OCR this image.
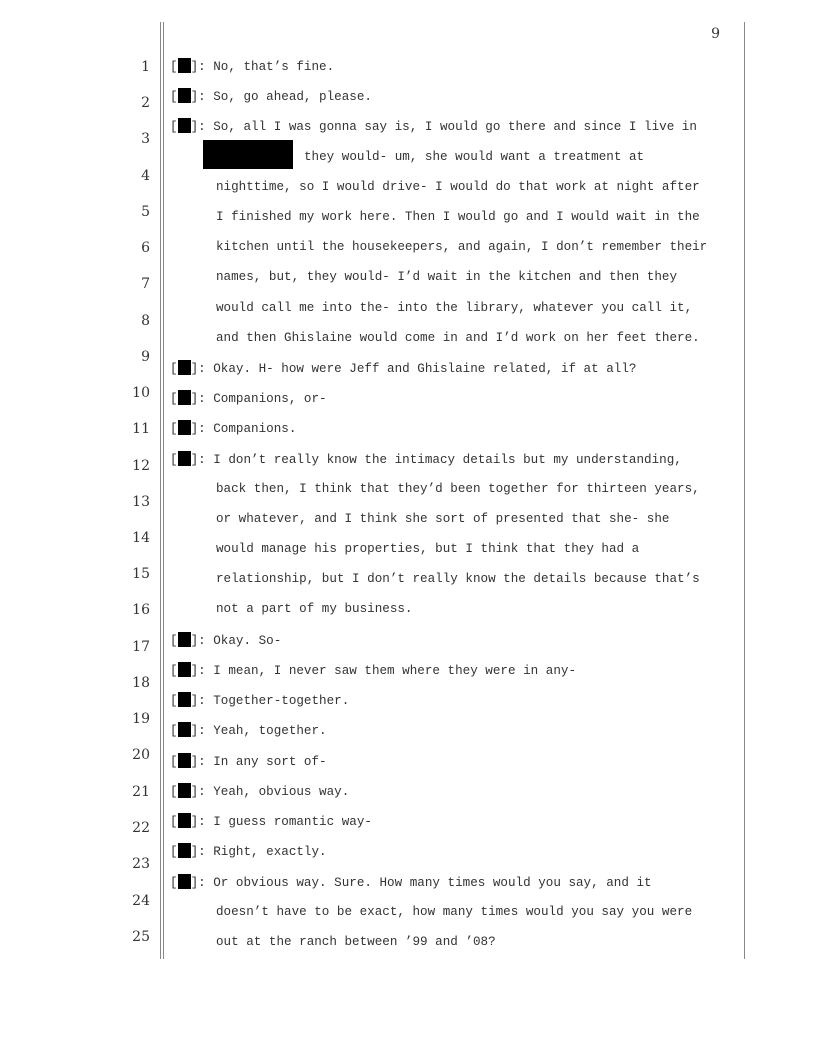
9
1
2
3
4
5
6
7
8
9
10
11
12
13
14
15
16
17
18
19
20
21
22
23
24
25
[ ]: No, that’s fine.
[ ]: So, go ahead, please.
[ ]: So, all I was gonna say is, I would go there and since I live in
they would- um, she would want a treatment at
nighttime, so I would drive- I would do that work at night after
I finished my work here. Then I would go and I would wait in the
kitchen until the housekeepers, and again, I don’t remember their
names, but, they would- I’d wait in the kitchen and then they
would call me into the- into the library, whatever you call it,
and then Ghislaine would come in and I’d work on her feet there.
[ ]: Okay. H- how were Jeff and Ghislaine related, if at all?
[ ]: Companions, or-
[ ]: Companions.
[ ]: I don’t really know the intimacy details but my understanding,
back then, I think that they’d been together for thirteen years,
or whatever, and I think she sort of presented that she- she
would manage his properties, but I think that they had a
relationship, but I don’t really know the details because that’s
not a part of my business.
[ ]: Okay. So-
[ ]: I mean, I never saw them where they were in any-
[ ]: Together-together.
[ ]: Yeah, together.
[ ]: In any sort of-
[ ]: Yeah, obvious way.
[ ]: I guess romantic way-
[ ]: Right, exactly.
[ ]: Or obvious way. Sure. How many times would you say, and it
doesn’t have to be exact, how many times would you say you were
out at the ranch between ’99 and ’08?
